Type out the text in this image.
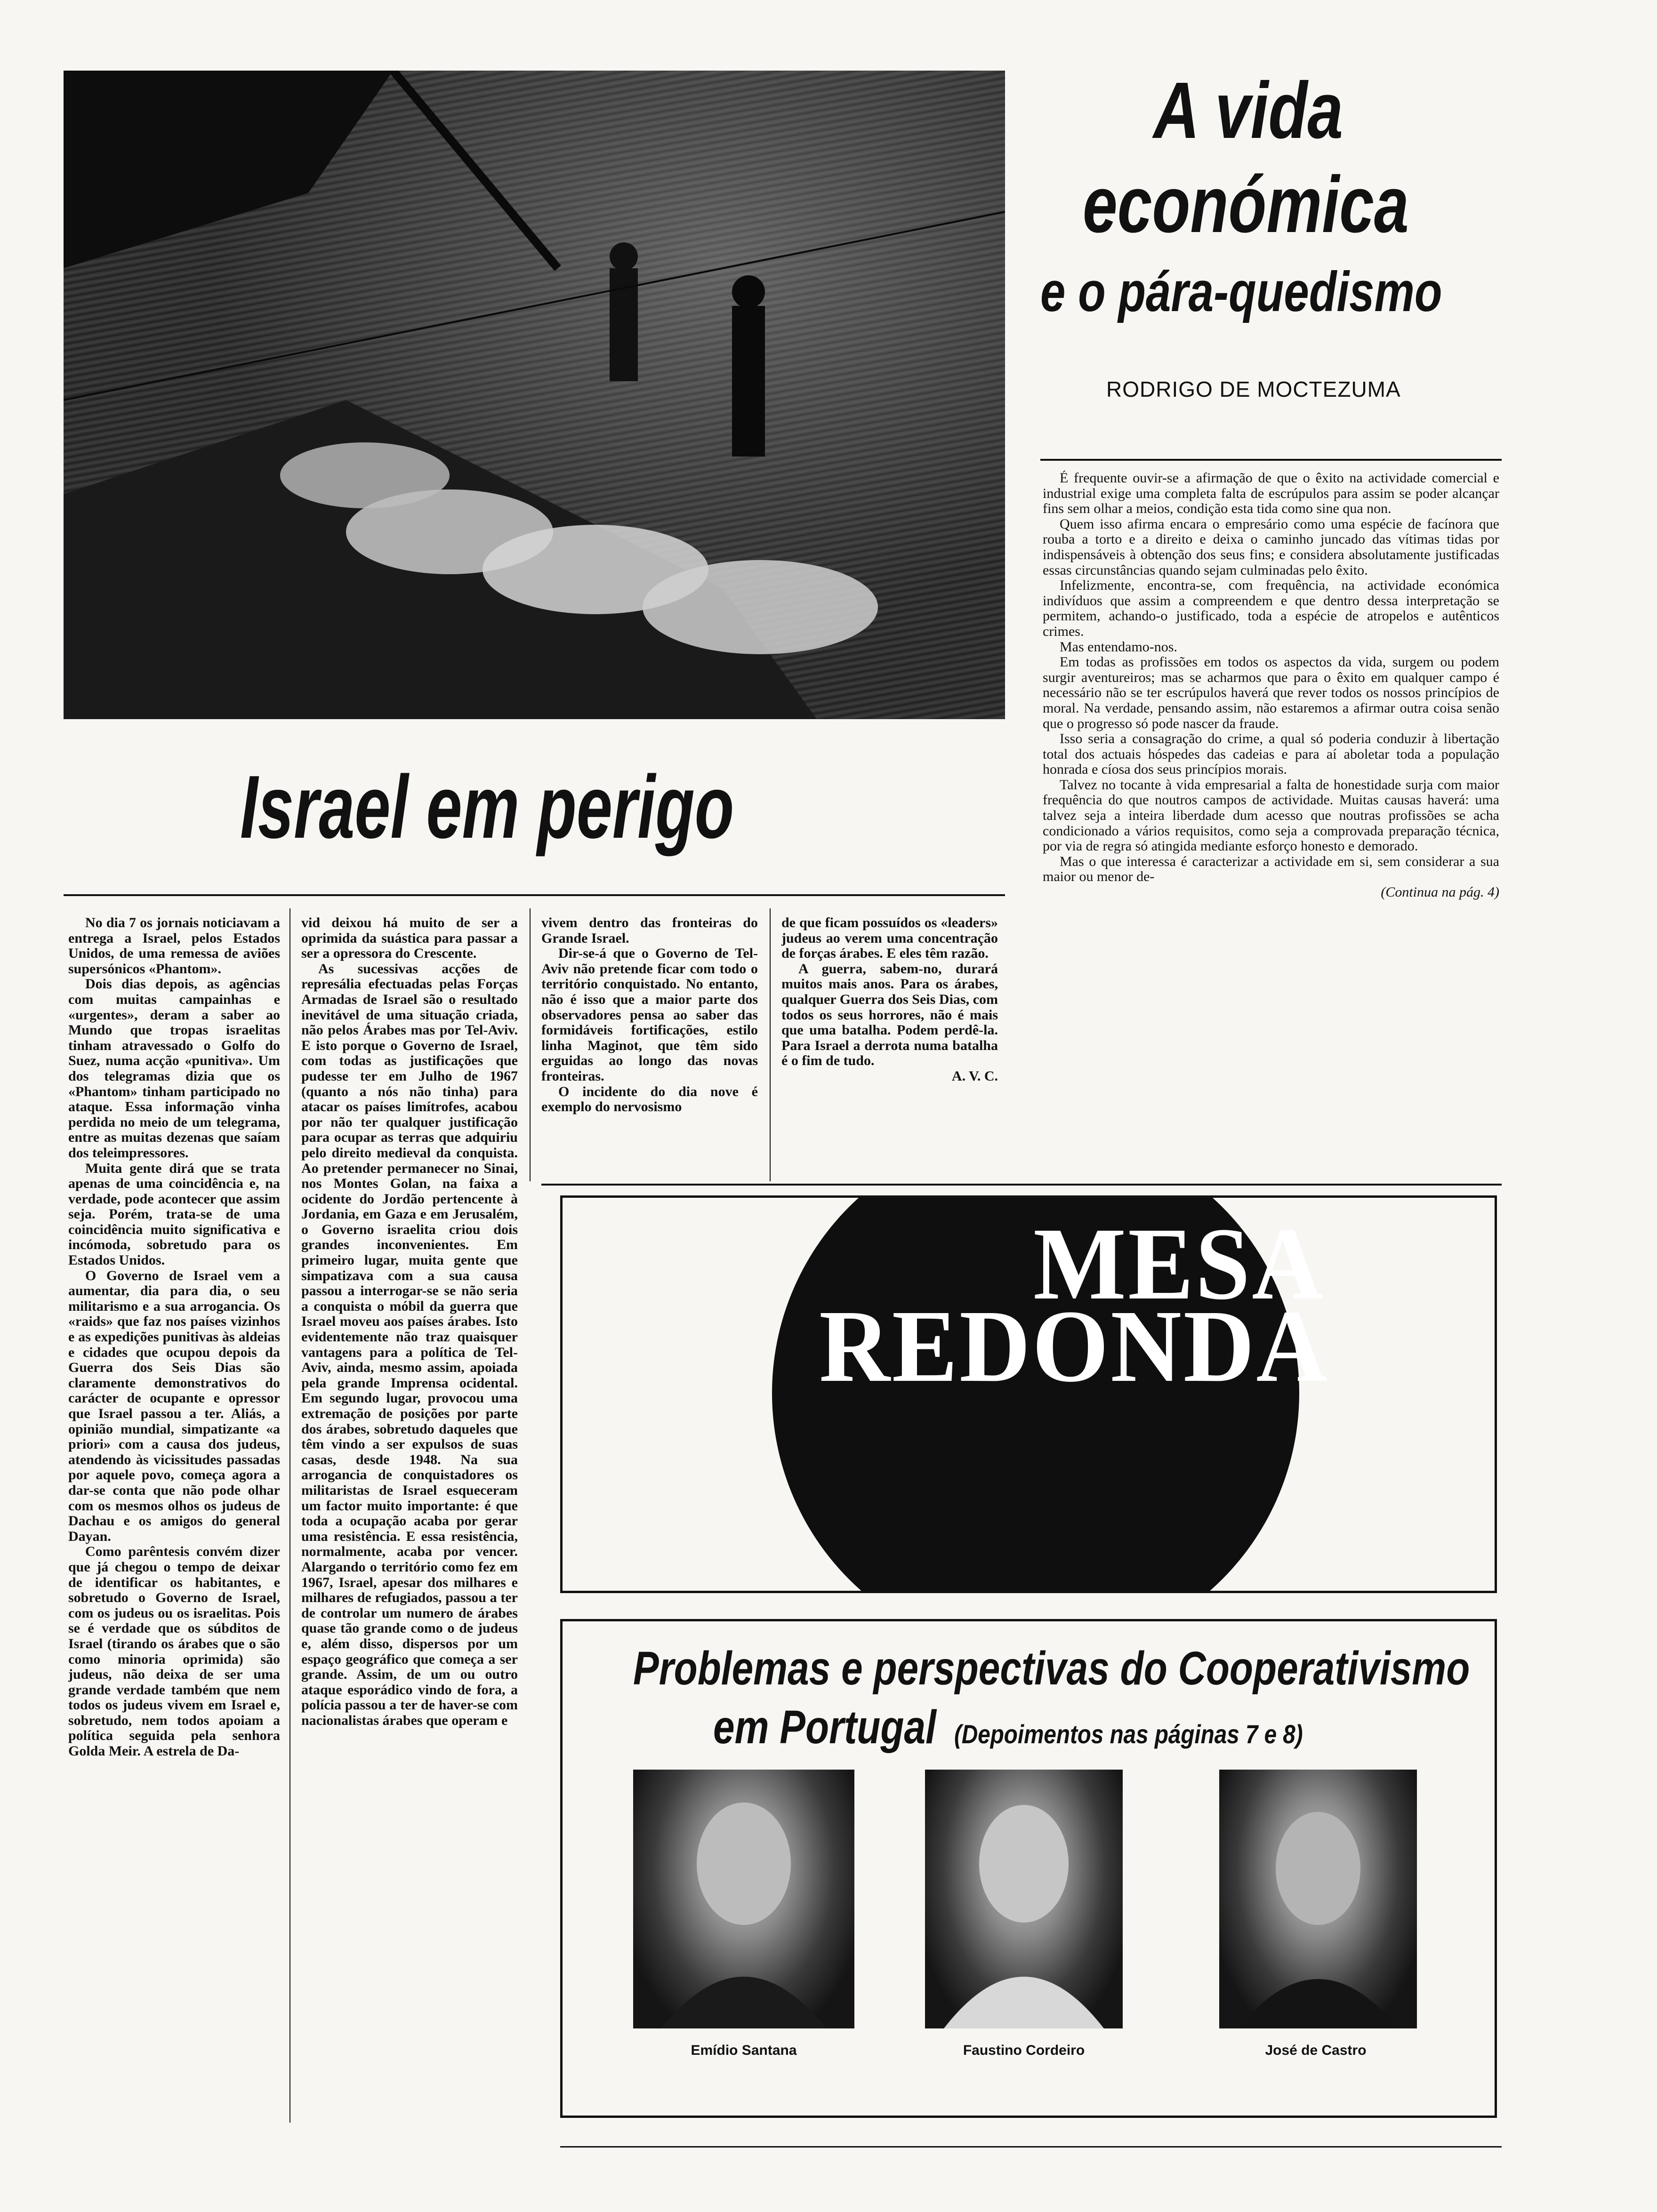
A vida
económica
e o pára-quedismo
RODRIGO DE MOCTEZUMA

É frequente ouvir-se a afirmação de que o êxito na actividade comercial e industrial exige uma completa falta de escrúpulos para assim se poder alcançar fins sem olhar a meios, condição esta tida como sine qua non.

Quem isso afirma encara o empresário como uma espécie de facínora que rouba a torto e a direito e deixa o caminho juncado das vítimas tidas por indispensáveis à obtenção dos seus fins; e considera absolutamente justificadas essas circunstâncias quando sejam culminadas pelo êxito.

Infelizmente, encontra-se, com frequência, na actividade económica indivíduos que assim a compreendem e que dentro dessa interpretação se permitem, achando-o justificado, toda a espécie de atropelos e autênticos crimes.

Mas entendamo-nos.

Em todas as profissões em todos os aspectos da vida, surgem ou podem surgir aventureiros; mas se acharmos que para o êxito em qualquer campo é necessário não se ter escrúpulos haverá que rever todos os nossos princípios de moral. Na verdade, pensando assim, não estaremos a afirmar outra coisa senão que o progresso só pode nascer da fraude.

Isso seria a consagração do crime, a qual só poderia conduzir à libertação total dos actuais hóspedes das cadeias e para aí aboletar toda a população honrada e cíosa dos seus princípios morais.

Talvez no tocante à vida empresarial a falta de honestidade surja com maior frequência do que noutros campos de actividade. Muitas causas haverá: uma talvez seja a inteira liberdade dum acesso que noutras profissões se acha condicionado a vários requisitos, como seja a comprovada preparação técnica, por via de regra só atingida mediante esforço honesto e demorado.

Mas o que interessa é caracterizar a actividade em si, sem considerar a sua maior ou menor de-

(Continua na pág. 4)

Israel em perigo

No dia 7 os jornais noticiavam a entrega a Israel, pelos Estados Unidos, de uma remessa de aviões supersónicos «Phantom».

Dois dias depois, as agências com muitas campainhas e «urgentes», deram a saber ao Mundo que tropas israelitas tinham atravessado o Golfo do Suez, numa acção «punitiva». Um dos telegramas dizia que os «Phantom» tinham participado no ataque. Essa informação vinha perdida no meio de um telegrama, entre as muitas dezenas que saíam dos teleimpressores.

Muita gente dirá que se trata apenas de uma coincidência e, na verdade, pode acontecer que assim seja. Porém, trata-se de uma coincidência muito significativa e incómoda, sobretudo para os Estados Unidos.

O Governo de Israel vem a aumentar, dia para dia, o seu militarismo e a sua arrogancia. Os «raids» que faz nos países vizinhos e as expedições punitivas às aldeias e cidades que ocupou depois da Guerra dos Seis Dias são claramente demonstrativos do carácter de ocupante e opressor que Israel passou a ter. Aliás, a opinião mundial, simpatizante «a priori» com a causa dos judeus, atendendo às vicissitudes passadas por aquele povo, começa agora a dar-se conta que não pode olhar com os mesmos olhos os judeus de Dachau e os amigos do general Dayan.

Como parêntesis convém dizer que já chegou o tempo de deixar de identificar os habitantes, e sobretudo o Governo de Israel, com os judeus ou os israelitas. Pois se é verdade que os súbditos de Israel (tirando os árabes que o são como minoria oprimida) são judeus, não deixa de ser uma grande verdade também que nem todos os judeus vivem em Israel e, sobretudo, nem todos apoiam a política seguida pela senhora Golda Meir. A estrela de Da-

vid deixou há muito de ser a oprimida da suástica para passar a ser a opressora do Crescente.

As sucessivas acções de represália efectuadas pelas Forças Armadas de Israel são o resultado inevitável de uma situação criada, não pelos Árabes mas por Tel-Aviv. E isto porque o Governo de Israel, com todas as justificações que pudesse ter em Julho de 1967 (quanto a nós não tinha) para atacar os países limítrofes, acabou por não ter qualquer justificação para ocupar as terras que adquiriu pelo direito medieval da conquista. Ao pretender permanecer no Sinai, nos Montes Golan, na faixa a ocidente do Jordão pertencente à Jordania, em Gaza e em Jerusalém, o Governo israelita criou dois grandes inconvenientes. Em primeiro lugar, muita gente que simpatizava com a sua causa passou a interrogar-se se não seria a conquista o móbil da guerra que Israel moveu aos países árabes. Isto evidentemente não traz quaisquer vantagens para a política de Tel-Aviv, ainda, mesmo assim, apoiada pela grande Imprensa ocidental. Em segundo lugar, provocou uma extremação de posições por parte dos árabes, sobretudo daqueles que têm vindo a ser expulsos de suas casas, desde 1948. Na sua arrogancia de conquistadores os militaristas de Israel esqueceram um factor muito importante: é que toda a ocupação acaba por gerar uma resistência. E essa resistência, normalmente, acaba por vencer. Alargando o território como fez em 1967, Israel, apesar dos milhares e milhares de refugiados, passou a ter de controlar um numero de árabes quase tão grande como o de judeus e, além disso, dispersos por um espaço geográfico que começa a ser grande. Assim, de um ou outro ataque esporádico vindo de fora, a polícia passou a ter de haver-se com nacionalistas árabes que operam e

vivem dentro das fronteiras do Grande Israel.

Dir-se-á que o Governo de Tel-Aviv não pretende ficar com todo o território conquistado. No entanto, não é isso que a maior parte dos observadores pensa ao saber das formidáveis fortificações, estilo linha Maginot, que têm sido erguidas ao longo das novas fronteiras.

O incidente do dia nove é exemplo do nervosismo

de que ficam possuídos os «leaders» judeus ao verem uma concentração de forças árabes. E eles têm razão.

A guerra, sabem-no, durará muitos mais anos. Para os árabes, qualquer Guerra dos Seis Dias, com todos os seus horrores, não é mais que uma batalha. Podem perdê-la. Para Israel a derrota numa batalha é o fim de tudo.

A. V. C.

MESA
REDONDA
Problemas e perspectivas do Cooperativismo
em Portugal (Depoimentos nas páginas 7 e 8)
Emídio Santana	Faustino Cordeiro	José de Castro
